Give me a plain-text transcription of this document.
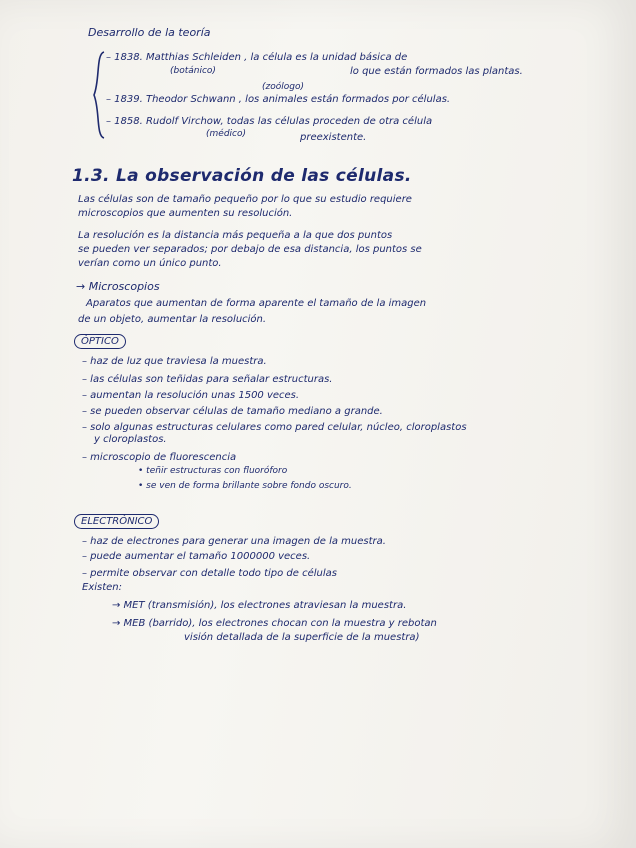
Desarrollo de la teoría
– 1838. Matthias Schleiden , la célula es la unidad básica de
(botánico)	lo que están formados las plantas.
(zoólogo)
– 1839. Theodor Schwann , los animales están formados por células.
– 1858. Rudolf Virchow, todas las células proceden de otra célula
(médico)	preexistente.
1.3. La observación de las células.
Las células son de tamaño pequeño por lo que su estudio requiere
microscopios que aumenten su resolución.
La resolución es la distancia más pequeña a la que dos puntos
se pueden ver separados; por debajo de esa distancia, los puntos se
verían como un único punto.
→ Microscopios
Aparatos que aumentan de forma aparente el tamaño de la imagen
de un objeto, aumentar la resolución.
ÓPTICO
– haz de luz que traviesa la muestra.
– las células son teñidas para señalar estructuras.
– aumentan la resolución unas 1500 veces.
– se pueden observar células de tamaño mediano a grande.
– solo algunas estructuras celulares como pared celular, núcleo, cloroplastos
y cloroplastos.
– microscopio de fluorescencia
• teñir estructuras con fluoróforo
• se ven de forma brillante sobre fondo oscuro.
ELECTRÓNICO
– haz de electrones para generar una imagen de la muestra.
– puede aumentar el tamaño 1000000 veces.
– permite observar con detalle todo tipo de células
Existen:
→ MET (transmisión), los electrones atraviesan la muestra.
→ MEB (barrido), los electrones chocan con la muestra y rebotan
visión detallada de la superficie de la muestra)
